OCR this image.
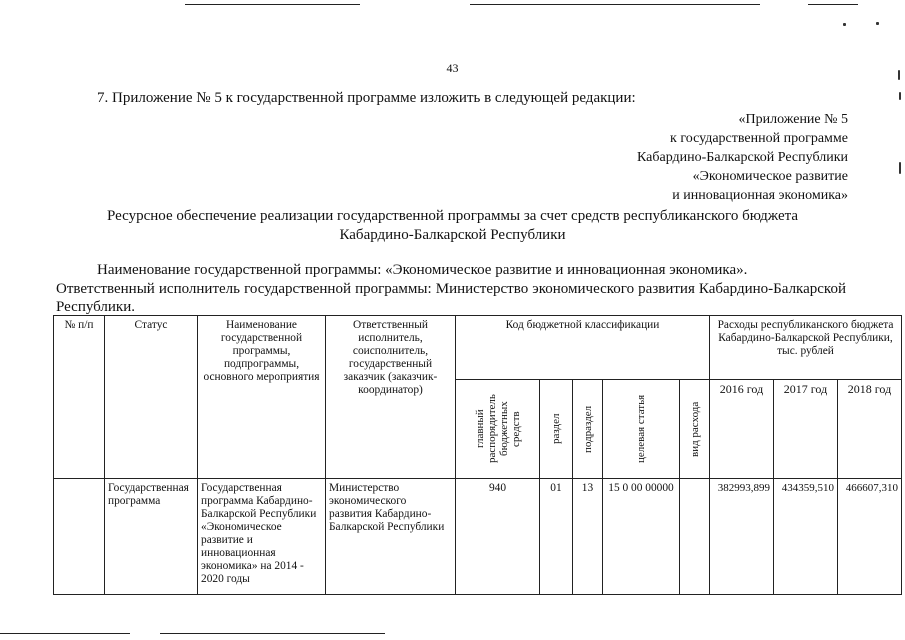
43
7. Приложение № 5 к государственной программе изложить в следующей редакции:
«Приложение № 5
к государственной программе
Кабардино-Балкарской Республики
«Экономическое развитие
и инновационная экономика»
Ресурсное обеспечение реализации государственной программы за счет средств республиканского бюджета
Кабардино-Балкарской Республики
Наименование государственной программы: «Экономическое развитие и инновационная экономика».
Ответственный исполнитель государственной программы: Министерство экономического развития Кабардино-Балкарской Республики.
№ п/п	Статус	Наименование государственной программы, подпрограммы, основного мероприятия	Ответственный исполнитель, соисполнитель, государственный заказчик (заказчик-координатор)	Код бюджетной классификации					Расходы республиканского бюджета Кабардино-Балкарской Республики, тыс. рублей		

				главный распорядитель бюджетных средств	раздел	подраздел	целевая статья	вид расхода	2016 год	2017 год	2018 год
	Государственная программа	Государственная программа Кабардино-Балкарской Республики «Экономическое развитие и инновационная экономика» на 2014 - 2020 годы	Министерство экономического развития Кабардино-Балкарской Республики	940	01	13	15 0 00 00000		382993,899	434359,510	466607,310
